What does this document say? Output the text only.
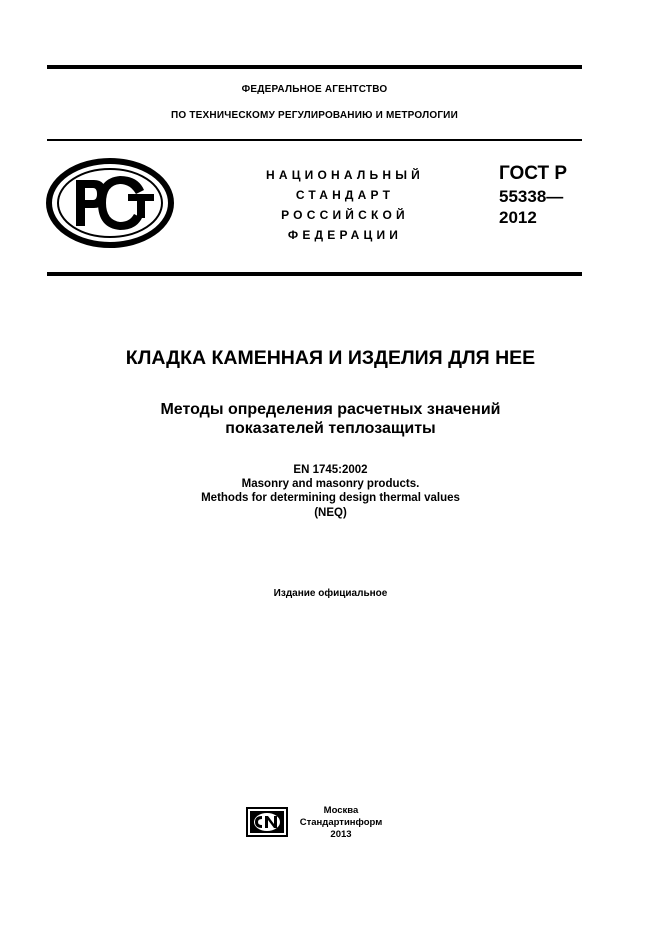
ФЕДЕРАЛЬНОЕ АГЕНТСТВО
ПО ТЕХНИЧЕСКОМУ РЕГУЛИРОВАНИЮ И МЕТРОЛОГИИ
НАЦИОНАЛЬНЫЙ
СТАНДАРТ
РОССИЙСКОЙ
ФЕДЕРАЦИИ
ГОСТ Р
55338—
2012
КЛАДКА КАМЕННАЯ И ИЗДЕЛИЯ ДЛЯ НЕЕ
Методы определения расчетных значений
показателей теплозащиты
EN 1745:2002
Masonry and masonry products.
Methods for determining design thermal values
(NEQ)
Издание официальное
Москва
Стандартинформ
2013
